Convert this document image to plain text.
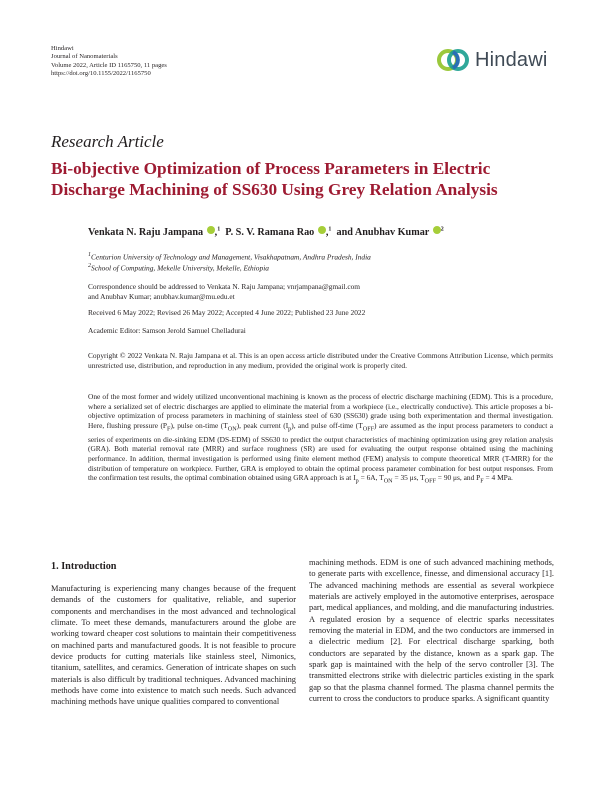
Hindawi
Journal of Nanomaterials
Volume 2022, Article ID 1165750, 11 pages
https://doi.org/10.1155/2022/1165750
Hindawi
Research Article
Bi-objective Optimization of Process Parameters in Electric Discharge Machining of SS630 Using Grey Relation Analysis
Venkata N. Raju Jampana ,$^1$ P. S. V. Ramana Rao ,$^1$ and Anubhav Kumar $^2$
$^1$Centurion University of Technology and Management, Visakhapatnam, Andhra Pradesh, India
$^2$School of Computing, Mekelle University, Mekelle, Ethiopia
Correspondence should be addressed to Venkata N. Raju Jampana; vnrjampana@gmail.com
and Anubhav Kumar; anubhav.kumar@mu.edu.et
Received 6 May 2022; Revised 26 May 2022; Accepted 4 June 2022; Published 23 June 2022
Academic Editor: Samson Jerold Samuel Chelladurai
Copyright © 2022 Venkata N. Raju Jampana et al. This is an open access article distributed under the Creative Commons Attribution License, which permits unrestricted use, distribution, and reproduction in any medium, provided the original work is properly cited.
One of the most former and widely utilized unconventional machining is known as the process of electric discharge machining (EDM). This is a procedure, where a serialized set of electric discharges are applied to eliminate the material from a workpiece (i.e., electrically conductive). This article proposes a bi-objective optimization of process parameters in machining of stainless steel of 630 (SS630) grade using both experimentation and thermal investigation. Here, flushing pressure $(P_F)$, pulse on-time $(T_{ON})$, peak current $(I_p)$, and pulse off-time $(T_{OFF})$ are assumed as the input process parameters to conduct a series of experiments on die-sinking EDM (DS-EDM) of SS630 to predict the output characteristics of machining optimization using grey relation analysis (GRA). Both material removal rate (MRR) and surface roughness (SR) are used for evaluating the output response obtained using the machining performance. In addition, thermal investigation is performed using finite element method (FEM) analysis to compute theoretical MRR (T-MRR) for the distribution of temperature on workpiece. Further, GRA is employed to obtain the optimal process parameter combination for best output responses. From the confirmation test results, the optimal combination obtained using GRA approach is at $I_p = 6A$, $T_{ON} = 35$ μs, $T_{OFF} = 90$ μs, and $P_F = 4$ MPa.
1. Introduction
Manufacturing is experiencing many changes because of the frequent demands of the customers for qualitative, reliable, and superior components and merchandises in the most advanced and technological climate. To meet these demands, manufacturers around the globe are working toward cheaper cost solutions to maintain their competitiveness on machined parts and manufactured goods. It is not feasible to procure device products for cutting materials like stainless steel, Nimonics, titanium, satellites, and ceramics. Generation of intricate shapes on such materials is also difficult by traditional techniques. Advanced machining methods have come into existence to match such needs. Such advanced machining methods have unique qualities compared to conventional
machining methods. EDM is one of such advanced machining methods, to generate parts with excellence, finesse, and dimensional accuracy [1]. The advanced machining methods are essential as several workpiece materials are actively employed in the automotive enterprises, aerospace part, medical appliances, and molding, and die manufacturing industries. A regulated erosion by a sequence of electric sparks necessitates removing the material in EDM, and the two conductors are immersed in a dielectric medium [2]. For electrical discharge sparking, both conductors are separated by the distance, known as a spark gap. The spark gap is maintained with the help of the servo controller [3]. The transmitted electrons strike with dielectric particles existing in the spark gap so that the plasma channel formed. The plasma channel permits the current to cross the conductors to produce sparks. A significant quantity
